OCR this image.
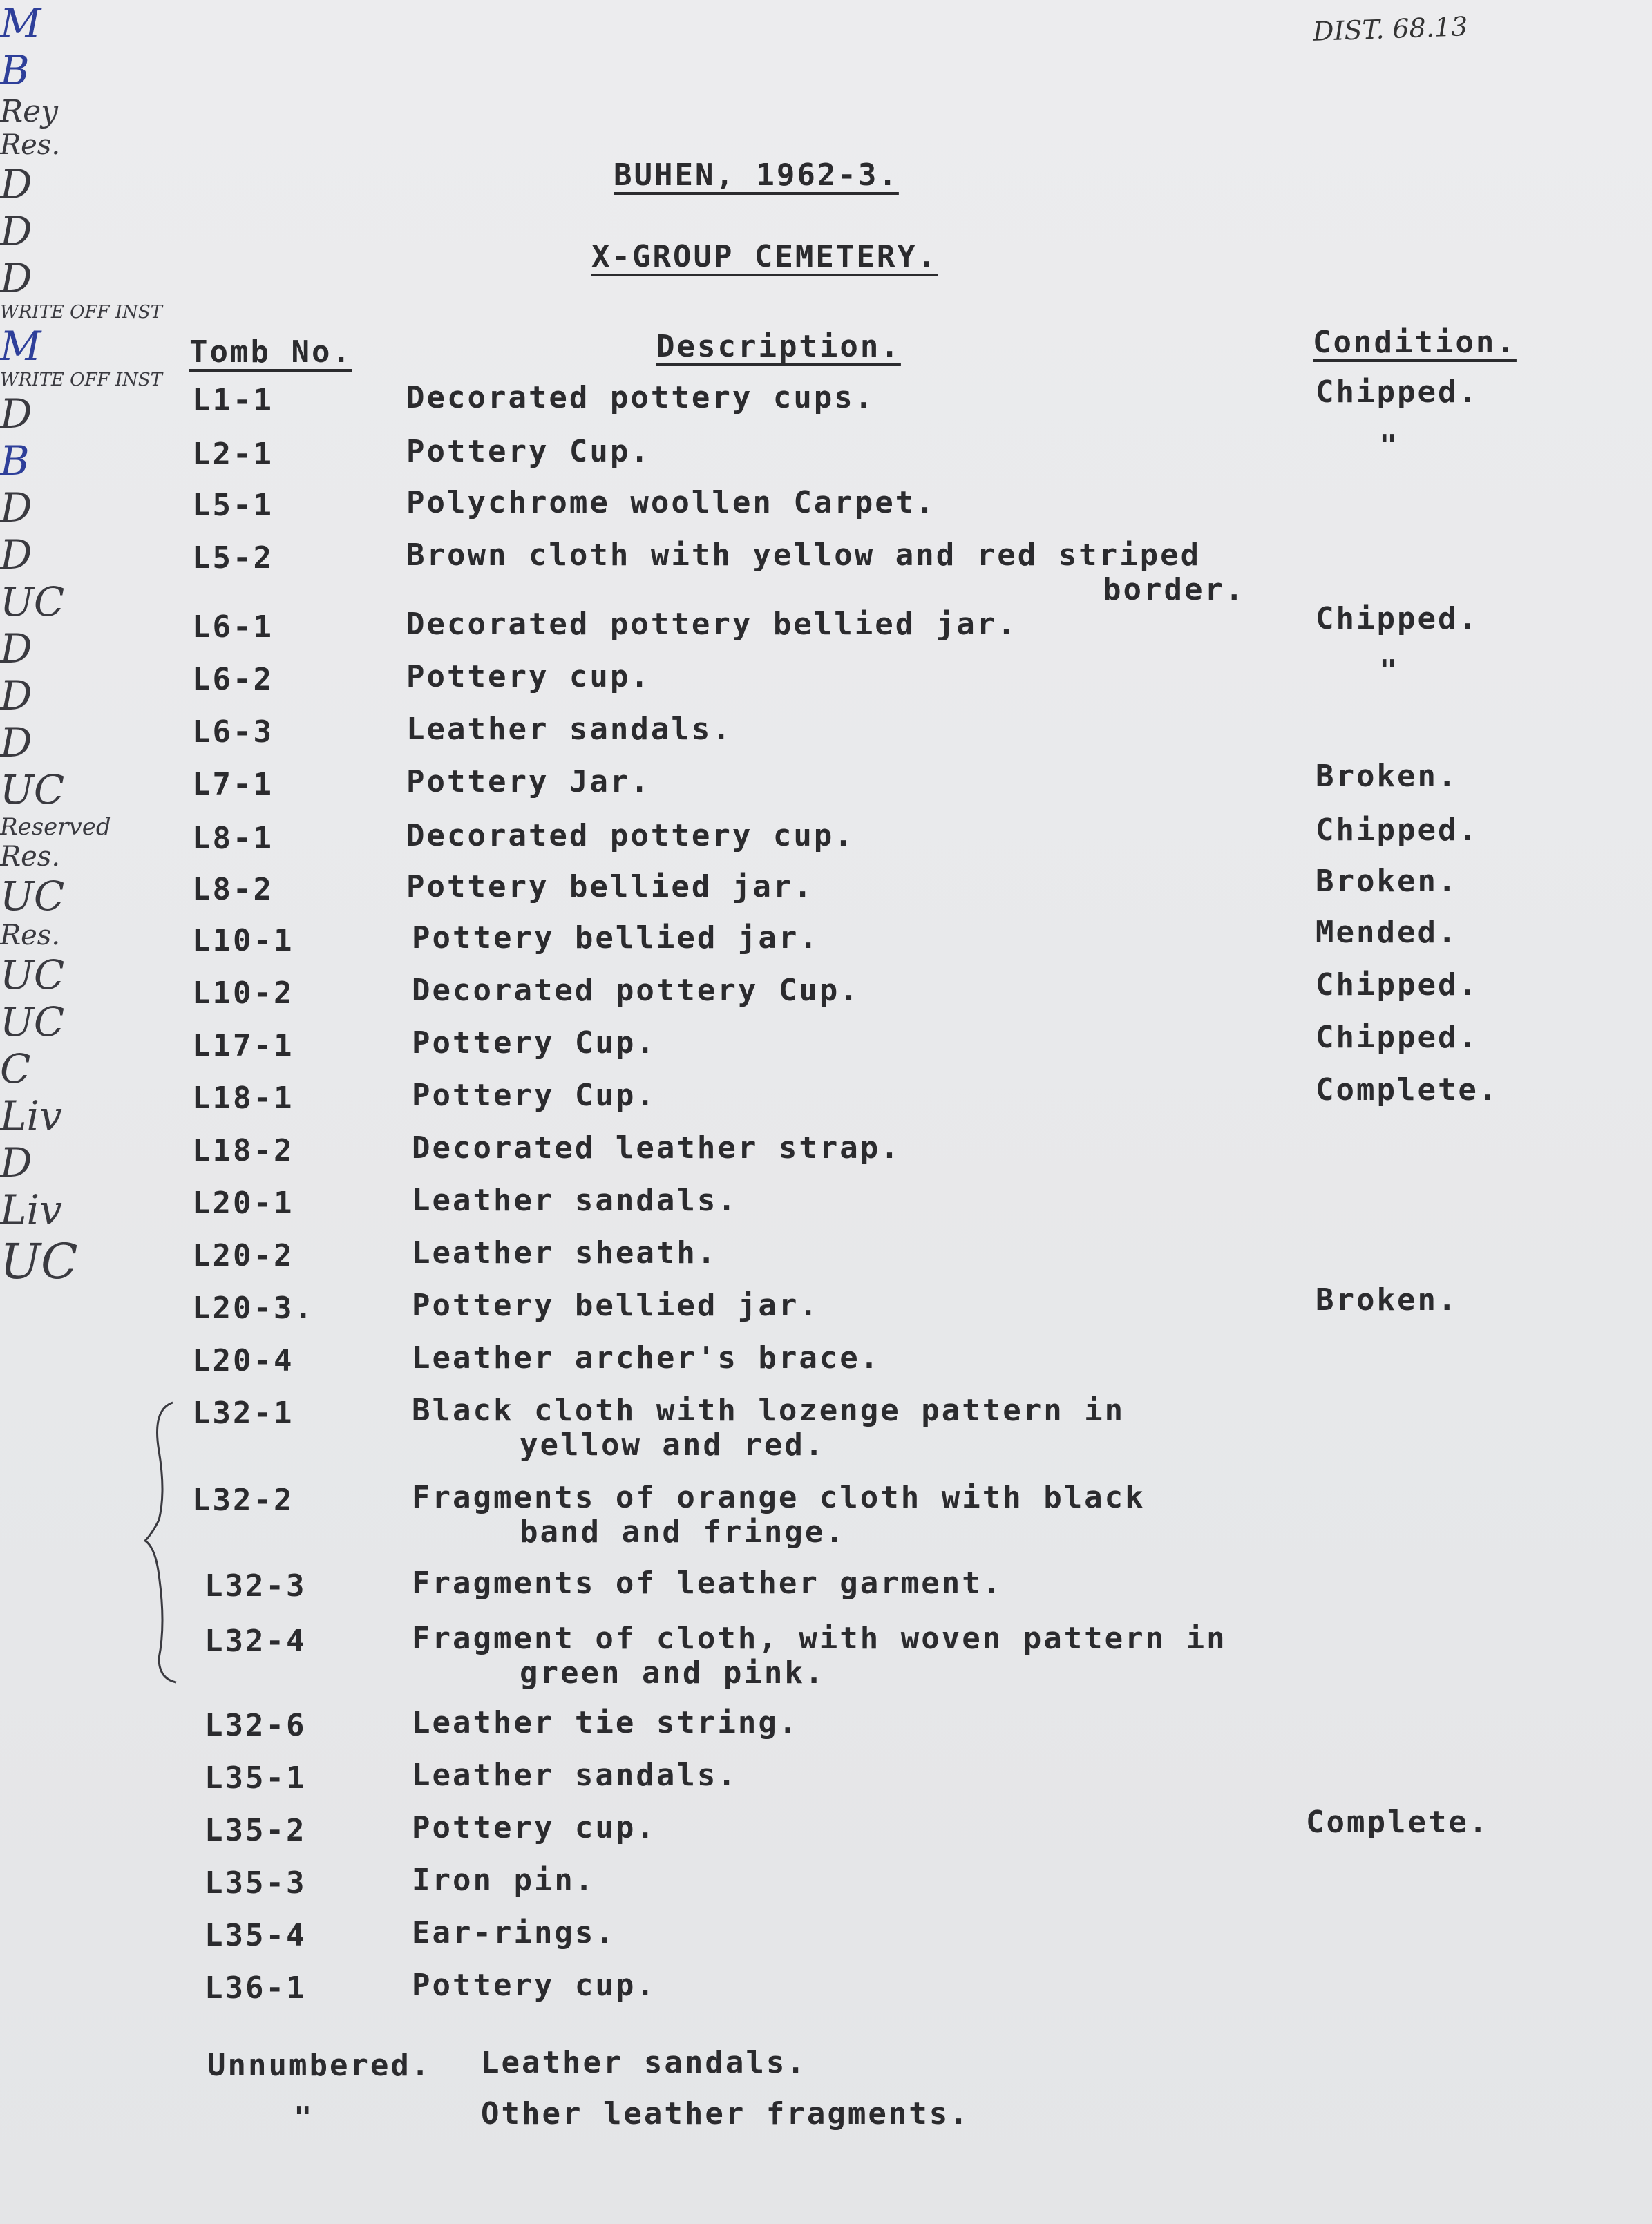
DIST. 68.13
BUHEN, 1962-3.
X-GROUP CEMETERY.
Tomb No.	Description.	Condition.
M
L1-1	Decorated pottery cups.	Chipped.
B
L2-1	Pottery Cup.	"
Rey
L5-1	Polychrome woollen Carpet.
Res.
L5-2	Brown cloth with yellow and red striped
border.
D
L6-1	Decorated pottery bellied jar.	Chipped.
D
L6-2	Pottery cup.	"
D
L6-3	Leather sandals.
WRITE OFF INST
L7-1	Pottery Jar.	Broken.
M
L8-1	Decorated pottery cup.	Chipped.
WRITE OFF INST
L8-2	Pottery bellied jar.	Broken.
D
L10-1	Pottery bellied jar.	Mended.
B
L10-2	Decorated pottery Cup.	Chipped.
D
L17-1	Pottery Cup.	Chipped.
D
L18-1	Pottery Cup.	Complete.
UC
L18-2	Decorated leather strap.
D
L20-1	Leather sandals.
D
L20-2	Leather sheath.
D
L20-3.	Pottery bellied jar.	Broken.
UC
L20-4	Leather archer's brace.
Reserved
L32-1	Black cloth with lozenge pattern in
yellow and red.
Res.
L32-2	Fragments of orange cloth with black
band and fringe.
UC
L32-3	Fragments of leather garment.
Res.
L32-4	Fragment of cloth, with woven pattern in
green and pink.
UC
L32-6	Leather tie string.
UC
L35-1	Leather sandals.
C
L35-2	Pottery cup.	Complete.
Liv
L35-3	Iron pin.
D
L35-4	Ear-rings.
Liv
L36-1	Pottery cup.
UC
Unnumbered. Leather sandals.
"	Other leather fragments.
